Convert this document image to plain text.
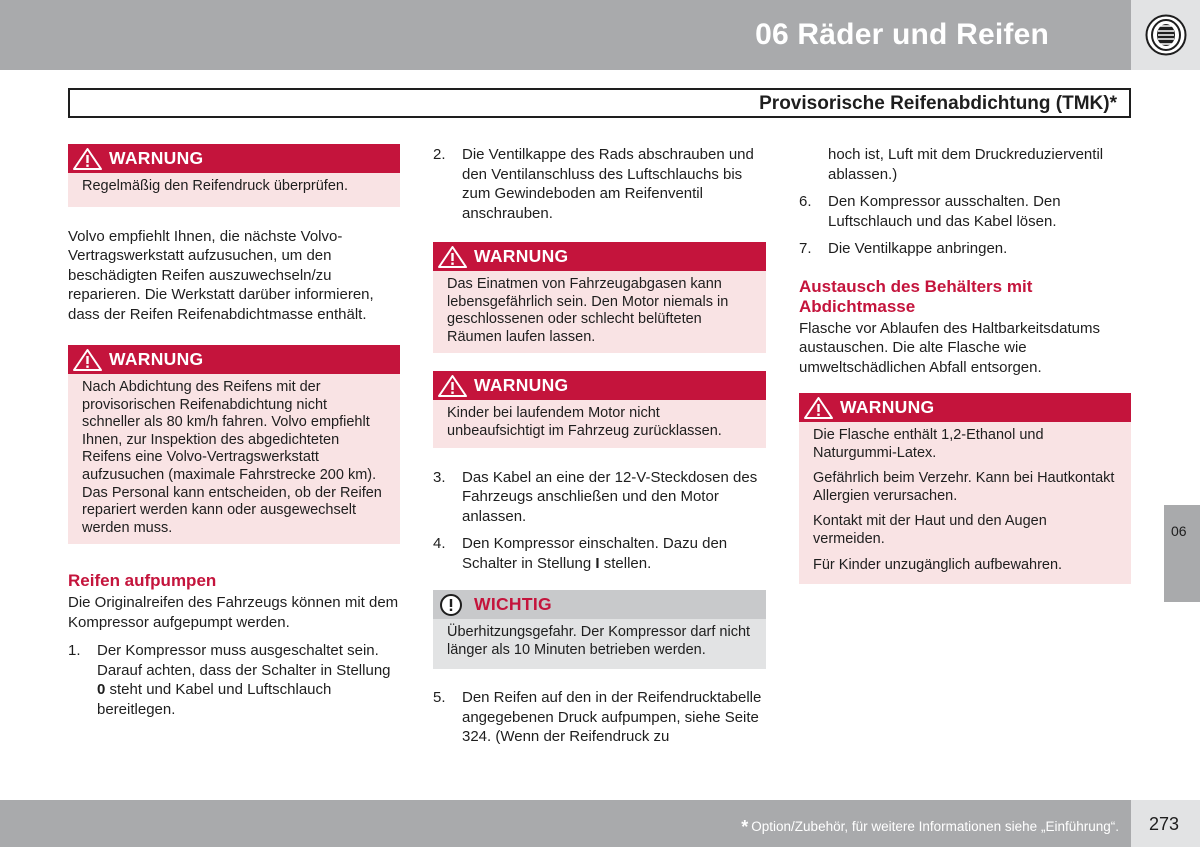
06 Räder und Reifen
Provisorische Reifenabdichtung (TMK)*
WARNUNG

Regelmäßig den Reifendruck überprüfen.

Volvo empfiehlt Ihnen, die nächste Volvo-Vertragswerkstatt aufzusuchen, um den beschädigten Reifen auszuwechseln/zu reparieren. Die Werkstatt darüber informieren, dass der Reifen Reifenabdichtmasse enthält.

WARNUNG

Nach Abdichtung des Reifens mit der provisorischen Reifenabdichtung nicht schneller als 80 km/h fahren. Volvo empfiehlt Ihnen, zur Inspektion des abgedichteten Reifens eine Volvo-Vertragswerkstatt aufzusuchen (maximale Fahrstrecke 200 km). Das Personal kann entscheiden, ob der Reifen repariert werden kann oder ausgewechselt werden muss.

Reifen aufpumpen

Die Originalreifen des Fahrzeugs können mit dem Kompressor aufgepumpt werden.

1. Der Kompressor muss ausgeschaltet sein. Darauf achten, dass der Schalter in Stellung 0 steht und Kabel und Luftschlauch bereitlegen.
2. Die Ventilkappe des Rads abschrauben und den Ventilanschluss des Luftschlauchs bis zum Gewindeboden am Reifenventil anschrauben.
WARNUNG

Das Einatmen von Fahrzeugabgasen kann lebensgefährlich sein. Den Motor niemals in geschlossenen oder schlecht belüfteten Räumen laufen lassen.

WARNUNG

Kinder bei laufendem Motor nicht unbeaufsichtigt im Fahrzeug zurücklassen.

3. Das Kabel an eine der 12-V-Steckdosen des Fahrzeugs anschließen und den Motor anlassen.
4. Den Kompressor einschalten. Dazu den Schalter in Stellung I stellen.
WICHTIG

Überhitzungsgefahr. Der Kompressor darf nicht länger als 10 Minuten betrieben werden.

5. Den Reifen auf den in der Reifendrucktabelle angegebenen Druck aufpumpen, siehe Seite 324. (Wenn der Reifendruck zu

hoch ist, Luft mit dem Druckreduzierventil ablassen.)

6. Den Kompressor ausschalten. Den Luftschlauch und das Kabel lösen.
7. Die Ventilkappe anbringen.
Austausch des Behälters mit Abdichtmasse

Flasche vor Ablaufen des Haltbarkeitsdatums austauschen. Die alte Flasche wie umweltschädlichen Abfall entsorgen.

WARNUNG

Die Flasche enthält 1,2-Ethanol und Naturgummi-Latex.

Gefährlich beim Verzehr. Kann bei Hautkontakt Allergien verursachen.

Kontakt mit der Haut und den Augen vermeiden.

Für Kinder unzugänglich aufbewahren.

06
* Option/Zubehör, für weitere Informationen siehe „Einführung“. 273
